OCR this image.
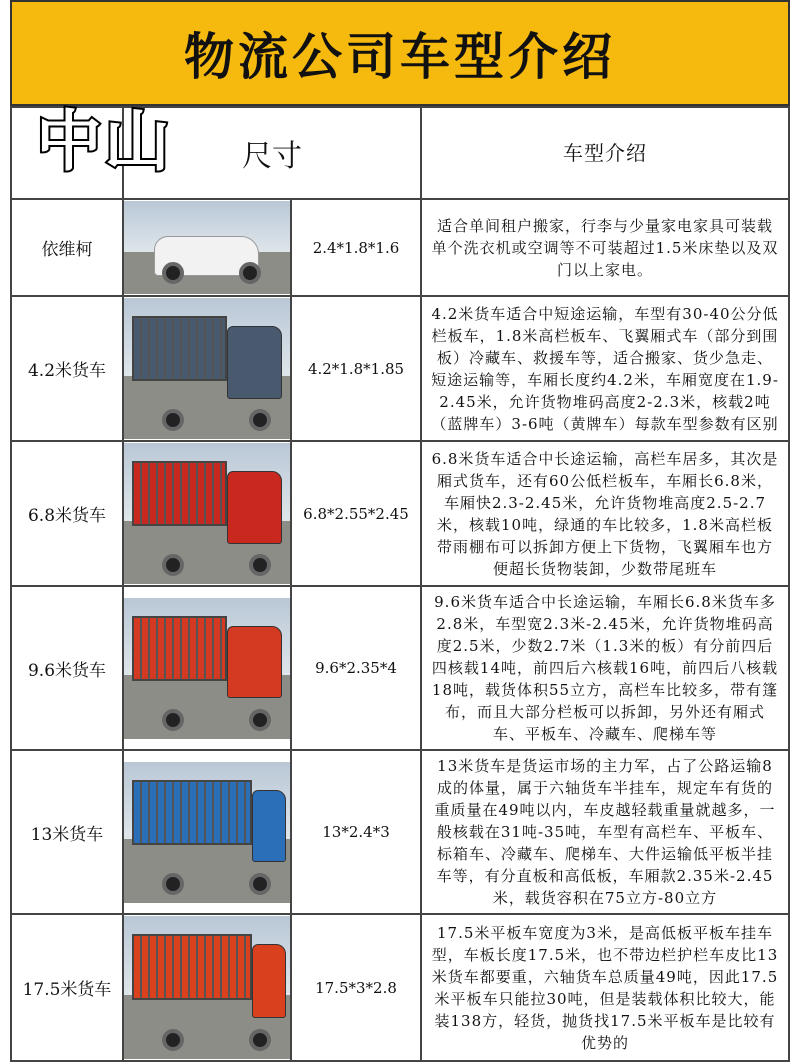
物流公司车型介绍
中山
	尺寸		车型介绍
依维柯		2.4*1.8*1.6	适合单间租户搬家，行李与少量家电家具可装载单个洗衣机或空调等不可装超过1.5米床垫以及双门以上家电。
4.2米货车		4.2*1.8*1.85	4.2米货车适合中短途运输，车型有30-40公分低栏板车，1.8米高栏板车、飞翼厢式车（部分到围板）冷藏车、救援车等，适合搬家、货少急走、短途运输等，车厢长度约4.2米，车厢宽度在1.9-2.45米，允许货物堆码高度2-2.3米，核载2吨（蓝牌车）3-6吨（黄牌车）每款车型参数有区别
6.8米货车		6.8*2.55*2.45	6.8米货车适合中长途运输，高栏车居多，其次是厢式货车，还有60公低栏板车，车厢长6.8米，车厢快2.3-2.45米，允许货物堆高度2.5-2.7米，核载10吨，绿通的车比较多，1.8米高栏板带雨棚布可以拆卸方便上下货物，飞翼厢车也方便超长货物装卸，少数带尾班车
9.6米货车		9.6*2.35*4	9.6米货车适合中长途运输，车厢长6.8米货车多2.8米，车型宽2.3米-2.45米，允许货物堆码高度2.5米，少数2.7米（1.3米的板）有分前四后四核载14吨，前四后六核载16吨，前四后八核载18吨，载货体积55立方，高栏车比较多，带有篷布，而且大部分栏板可以拆卸，另外还有厢式车、平板车、冷藏车、爬梯车等
13米货车		13*2.4*3	13米货车是货运市场的主力军，占了公路运输8成的体量，属于六轴货车半挂车，规定车有货的重质量在49吨以内，车皮越轻载重量就越多，一般核载在31吨-35吨，车型有高栏车、平板车、标箱车、冷藏车、爬梯车、大件运输低平板半挂车等，有分直板和高低板，车厢款2.35米-2.45米，载货容积在75立方-80立方
17.5米货车		17.5*3*2.8	17.5米平板车宽度为3米，是高低板平板车挂车型，车板长度17.5米，也不带边栏护栏车皮比13米货车都要重，六轴货车总质量49吨，因此17.5米平板车只能拉30吨，但是装载体积比较大，能装138方，轻货，抛货找17.5米平板车是比较有优势的
